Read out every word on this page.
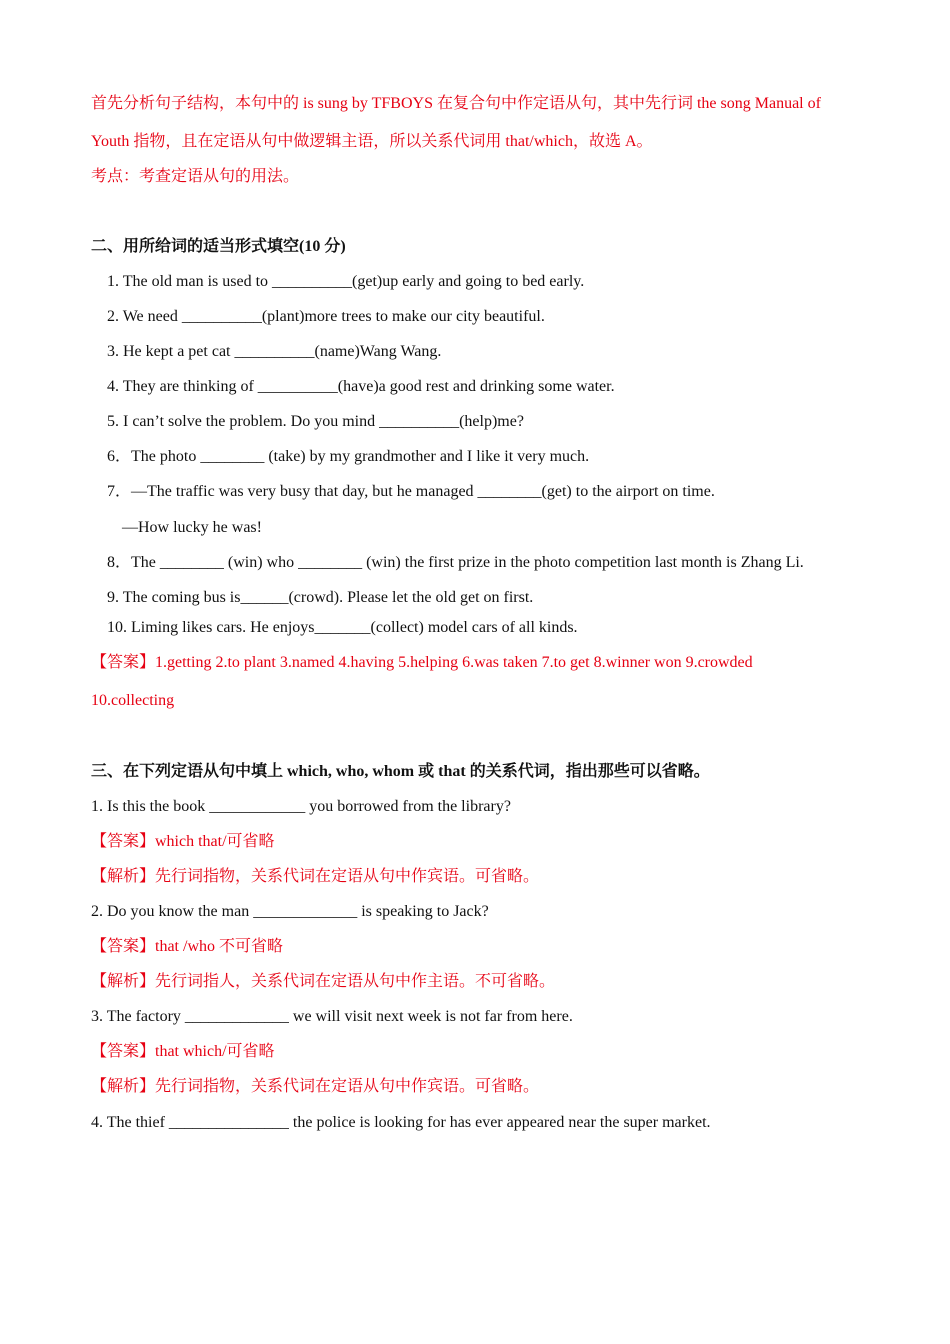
首先分析句子结构，本句中的 is sung by TFBOYS 在复合句中作定语从句，其中先行词 the song Manual of
Youth 指物，且在定语从句中做逻辑主语，所以关系代词用 that/which，故选 A。
考点：考查定语从句的用法。
二、用所给词的适当形式填空(10 分)
1. The old man is used to __________(get)up early and going to bed early.
2. We need __________(plant)more trees to make our city beautiful.
3. He kept a pet cat __________(name)Wang Wang.
4. They are thinking of __________(have)a good rest and drinking some water.
5. I can’t solve the problem. Do you mind __________(help)me?
6．The photo ________ (take) by my grandmother and I like it very much.
7．—The traffic was very busy that day, but he managed ________(get) to the airport on time.
—How lucky he was!
8．The ________ (win) who ________ (win) the first prize in the photo competition last month is Zhang Li.
9. The coming bus is______(crowd). Please let the old get on first.
10. Liming likes cars. He enjoys_______(collect) model cars of all kinds.
【答案】1.getting 2.to plant 3.named 4.having 5.helping 6.was taken 7.to get 8.winner won 9.crowded
10.collecting
三、在下列定语从句中填上 which, who, whom 或 that 的关系代词，指出那些可以省略。
1. Is this the book ____________ you borrowed from the library?
【答案】which that/可省略
【解析】先行词指物，关系代词在定语从句中作宾语。可省略。
2. Do you know the man _____________ is speaking to Jack?
【答案】that /who 不可省略
【解析】先行词指人，关系代词在定语从句中作主语。不可省略。
3. The factory _____________ we will visit next week is not far from here.
【答案】that which/可省略
【解析】先行词指物，关系代词在定语从句中作宾语。可省略。
4. The thief _______________ the police is looking for has ever appeared near the super market.
